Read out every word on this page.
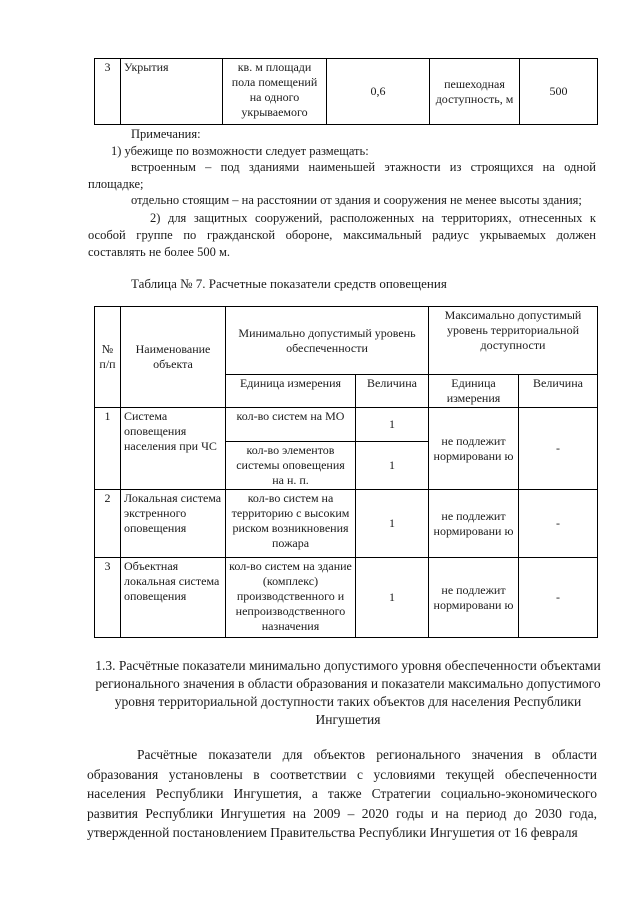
3	Укрытия	кв. м площади пола помещений на одного укрываемого	0,6	пешеходная доступность, м	500
Примечания:
1) убежище по возможности следует размещать:
встроенным – под зданиями наименьшей этажности из строящихся на одной площадке;
отдельно стоящим – на расстоянии от здания и сооружения не менее высоты здания;
2) для защитных сооружений, расположенных на территориях, отнесенных к особой группе по гражданской обороне, максимальный радиус укрываемых должен составлять не более 500 м.
Таблица № 7. Расчетные показатели средств оповещения
№ п/п	Наименование объекта	Минимально допустимый уровень обеспеченности		Максимально допустимый уровень территориальной доступности	
		Единица измерения	Величина	Единица измерения	Величина
1	Система оповещения населения при ЧС	кол-во систем на МО	1	не подлежит нормировани ю	-
		кол-во элементов системы оповещения на н. п.	1		
2	Локальная система экстренного оповещения	кол-во систем на территорию с высоким риском возникновения пожара	1	не подлежит нормировани ю	-
3	Объектная локальная система оповещения	кол-во систем на здание (комплекс) производственного и непроизводственного назначения	1	не подлежит нормировани ю	-
1.3. Расчётные показатели минимально допустимого уровня обеспеченности объектами регионального значения в области образования и показатели максимально допустимого уровня территориальной доступности таких объектов для населения Республики Ингушетия
Расчётные показатели для объектов регионального значения в области образования установлены в соответствии с условиями текущей обеспеченности населения Республики Ингушетия, а также Стратегии социально-экономического развития Республики Ингушетия на 2009 – 2020 годы и на период до 2030 года, утвержденной постановлением Правительства Республики Ингушетия от 16 февраля
